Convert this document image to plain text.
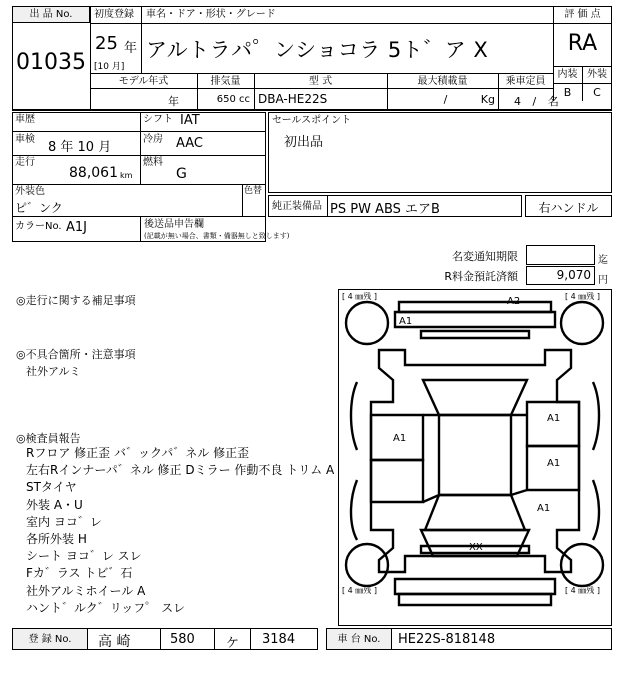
出 品 No.
01035
初度登録
25 年
[10 月]
車名・ドア・形状・グレード
アルトラパ゜ンショコラ 5ト゛ア X
評 価 点
RA
内装 外装
B	C
モデル年式
年
排気量
650 cc
型 式
DBA-HE22S
最大積載量
/ Kg
乗車定員
4 / 名
車歴	シフト IAT
車検
8 年 10 月
冷房 AAC
走行
88,061 km
燃料
G
外装色
ピ゛ンク
色替
カラーNo. A1J	後送品申告欄
(記載が無い場合、書類・備器無しと致します)
セールスポイント
初出品
純正装備品 PS PW ABS エアB	右ハンドル
名変通知期限	迄
R料金預託済額	9,070 円
◎走行に関する補足事項
◎不具合箇所・注意事項
社外アルミ
◎検査員報告
Rフロア 修正歪 バ゛ックパ゛ネル 修正歪
左右Rインナーパ゛ネル 修正 Dミラー 作動不良 トリム A
STタイヤ
外装 A・U
室内 ヨコ゛レ
各所外装 H
シート ヨコ゛レ スレ
Fカ゛ラス トビ゛石
社外アルミホイール A
ハント゛ルク゛リッフ゜ スレ
[ 4 ㎜残 ]	[ 4 ㎜残 ]
[ 4 ㎜残 ]	[ 4 ㎜残 ]
A2
A1
A1
A1
A1
A1
XX
登 録 No.	高 崎	580 ケ 3184	車 台 No.	HE22S-818148
